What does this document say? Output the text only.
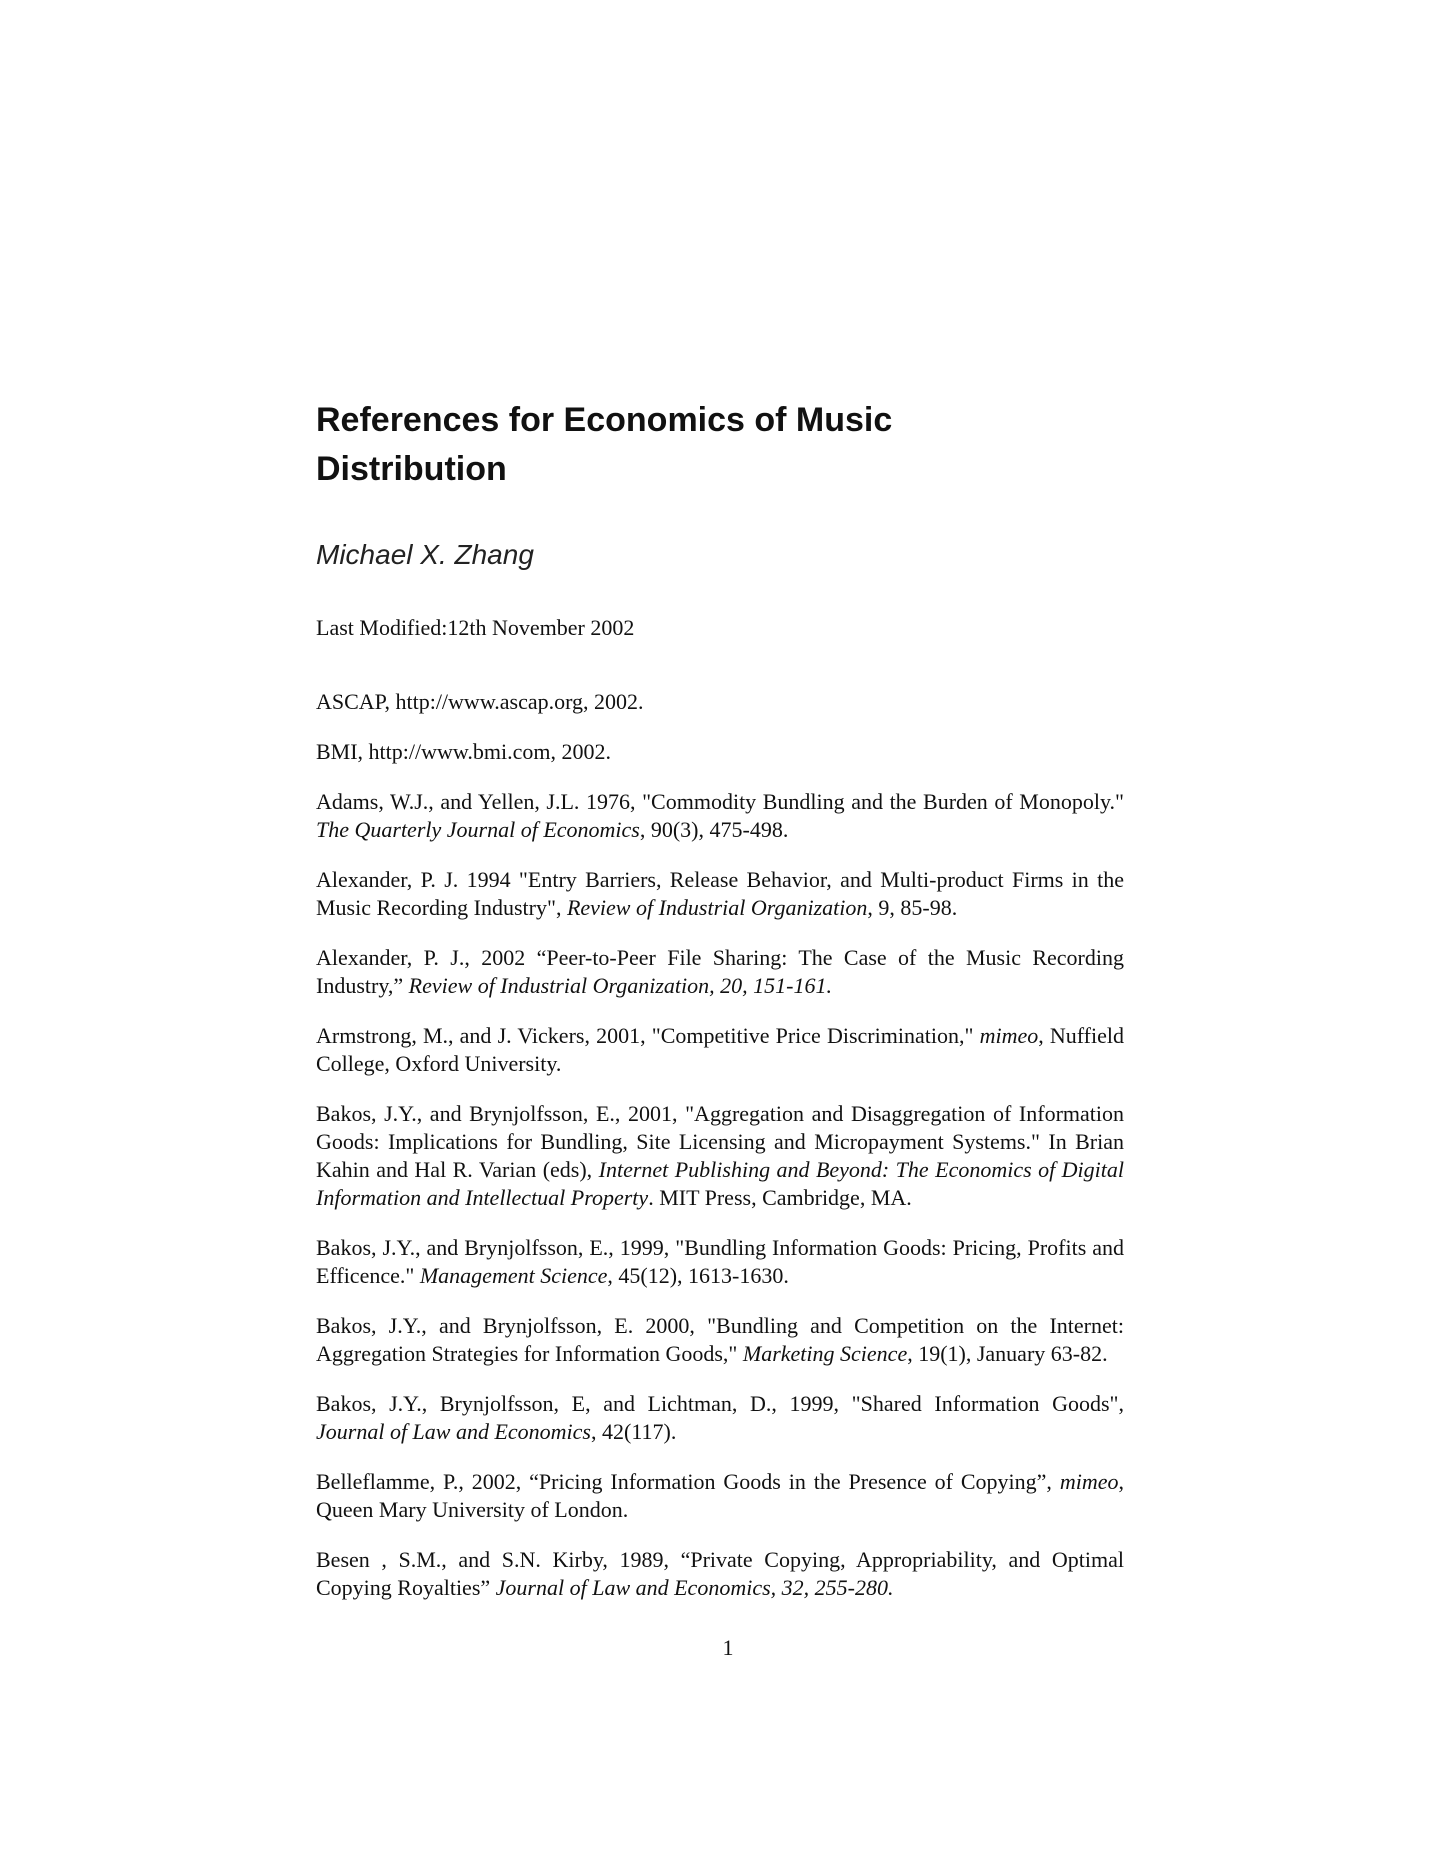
References for Economics of Music
Distribution
Michael X. Zhang
Last Modified:12th November 2002

ASCAP, http://www.ascap.org, 2002.

BMI, http://www.bmi.com, 2002.

Adams, W.J., and Yellen, J.L. 1976, "Commodity Bundling and the Burden of Monopoly." The Quarterly Journal of Economics, 90(3), 475-498.

Alexander, P. J. 1994 "Entry Barriers, Release Behavior, and Multi-product Firms in the Music Recording Industry", Review of Industrial Organization, 9, 85-98.

Alexander, P. J., 2002 “Peer-to-Peer File Sharing: The Case of the Music Recording Industry,” Review of Industrial Organization, 20, 151-161.

Armstrong, M., and J. Vickers, 2001, "Competitive Price Discrimination," mimeo, Nuffield College, Oxford University.

Bakos, J.Y., and Brynjolfsson, E., 2001, "Aggregation and Disaggregation of Information Goods: Implications for Bundling, Site Licensing and Micropayment Systems." In Brian Kahin and Hal R. Varian (eds), Internet Publishing and Beyond: The Economics of Digital Information and Intellectual Property. MIT Press, Cambridge, MA.

Bakos, J.Y., and Brynjolfsson, E., 1999, "Bundling Information Goods: Pricing, Profits and Efficence." Management Science, 45(12), 1613-1630.

Bakos, J.Y., and Brynjolfsson, E. 2000, "Bundling and Competition on the Internet: Aggregation Strategies for Information Goods," Marketing Science, 19(1), January 63-82.

Bakos, J.Y., Brynjolfsson, E, and Lichtman, D., 1999, "Shared Information Goods", Journal of Law and Economics, 42(117).

Belleflamme, P., 2002, “Pricing Information Goods in the Presence of Copying”, mimeo, Queen Mary University of London.

Besen , S.M., and S.N. Kirby, 1989, “Private Copying, Appropriability, and Optimal Copying Royalties” Journal of Law and Economics, 32, 255-280.

1
